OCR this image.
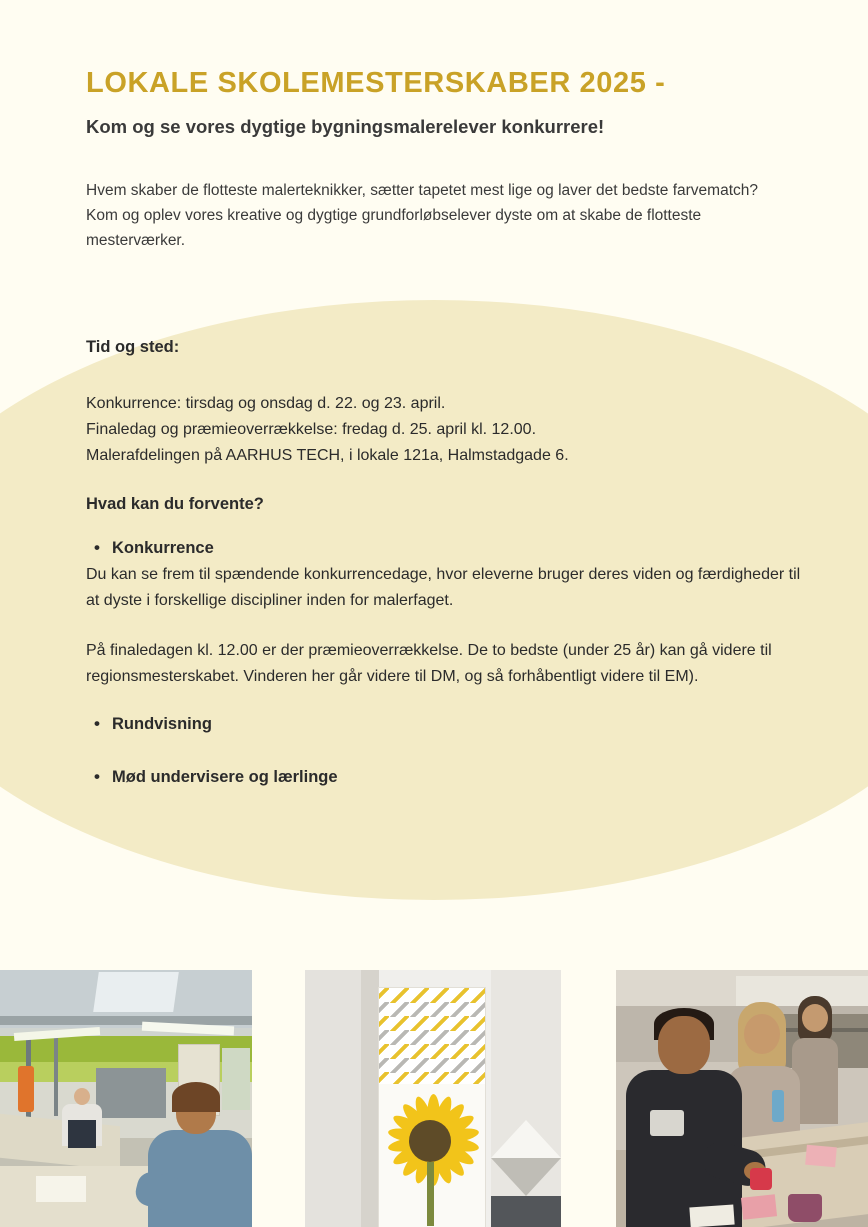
LOKALE SKOLEMESTERSKABER 2025 -
Kom og se vores dygtige bygningsmalerelever konkurrere!
Hvem skaber de flotteste malerteknikker, sætter tapetet mest lige og laver det bedste farvematch? Kom og oplev vores kreative og dygtige grundforløbselever dyste om at skabe de flotteste mesterværker.
Tid og sted:
Konkurrence: tirsdag og onsdag d. 22. og 23. april.
Finaledag og præmieoverrækkelse: fredag d. 25. april kl. 12.00.
Malerafdelingen på AARHUS TECH, i lokale 121a, Halmstadgade 6.
Hvad kan du forvente?
• Konkurrence

Du kan se frem til spændende konkurrencedage, hvor eleverne bruger deres viden og færdigheder til at dyste i forskellige discipliner inden for malerfaget.

På finaledagen kl. 12.00 er der præmieoverrækkelse. De to bedste (under 25 år) kan gå videre til regionsmesterskabet. Vinderen her går videre til DM, og så forhåbentligt videre til EM).

• Rundvisning
• Mød undervisere og lærlinge
